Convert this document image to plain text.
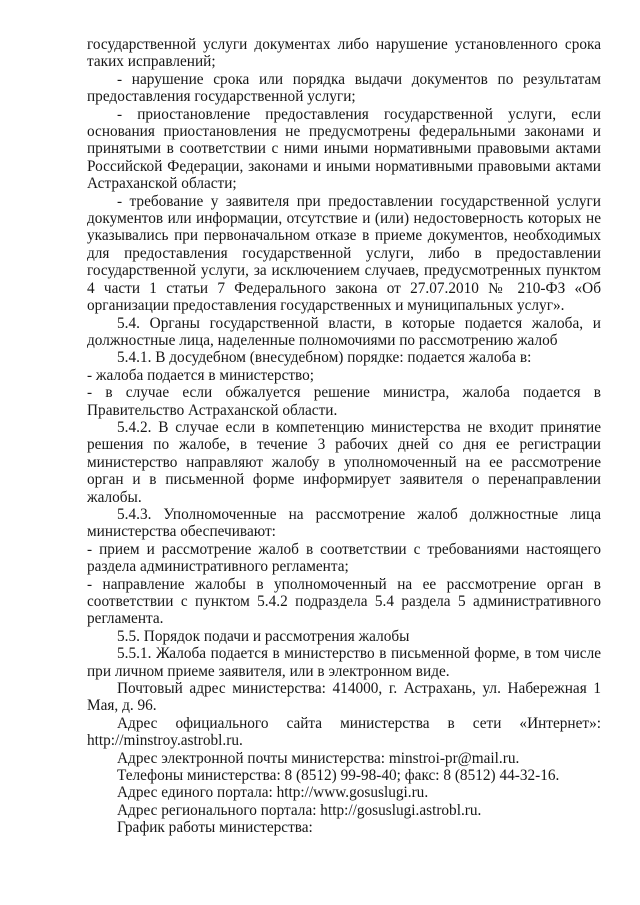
государственной услуги документах либо нарушение установленного срока таких исправлений;

- нарушение срока или порядка выдачи документов по результатам предоставления государственной услуги;

- приостановление предоставления государственной услуги, если основания приостановления не предусмотрены федеральными законами и принятыми в соответствии с ними иными нормативными правовыми актами Российской Федерации, законами и иными нормативными правовыми актами Астраханской области;

- требование у заявителя при предоставлении государственной услуги документов или информации, отсутствие и (или) недостоверность которых не указывались при первоначальном отказе в приеме документов, необходимых для предоставления государственной услуги, либо в предоставлении государственной услуги, за исключением случаев, предусмотренных пунктом 4 части 1 статьи 7 Федерального закона от 27.07.2010 № 210-ФЗ «Об организации предоставления государственных и муниципальных услуг».

5.4. Органы государственной власти, в которые подается жалоба, и должностные лица, наделенные полномочиями по рассмотрению жалоб

5.4.1. В досудебном (внесудебном) порядке: подается жалоба в:

- жалоба подается в министерство;

- в случае если обжалуется решение министра, жалоба подается в Правительство Астраханской области.

5.4.2. В случае если в компетенцию министерства не входит принятие решения по жалобе, в течение 3 рабочих дней со дня ее регистрации министерство направляют жалобу в уполномоченный на ее рассмотрение орган и в письменной форме информирует заявителя о перенаправлении жалобы.

5.4.3. Уполномоченные на рассмотрение жалоб должностные лица министерства обеспечивают:

- прием и рассмотрение жалоб в соответствии с требованиями настоящего раздела административного регламента;

- направление жалобы в уполномоченный на ее рассмотрение орган в соответствии с пунктом 5.4.2 подраздела 5.4 раздела 5 административного регламента.

5.5. Порядок подачи и рассмотрения жалобы

5.5.1. Жалоба подается в министерство в письменной форме, в том числе при личном приеме заявителя, или в электронном виде.

Почтовый адрес министерства: 414000, г. Астрахань, ул. Набережная 1 Мая, д. 96.

Адрес официального сайта министерства в сети «Интернет»: http://minstroy.astrobl.ru.

Адрес электронной почты министерства: minstroi-pr@mail.ru.

Телефоны министерства: 8 (8512) 99-98-40; факс: 8 (8512) 44-32-16.

Адрес единого портала: http://www.gosuslugi.ru.

Адрес регионального портала: http://gosuslugi.astrobl.ru.

График работы министерства:
